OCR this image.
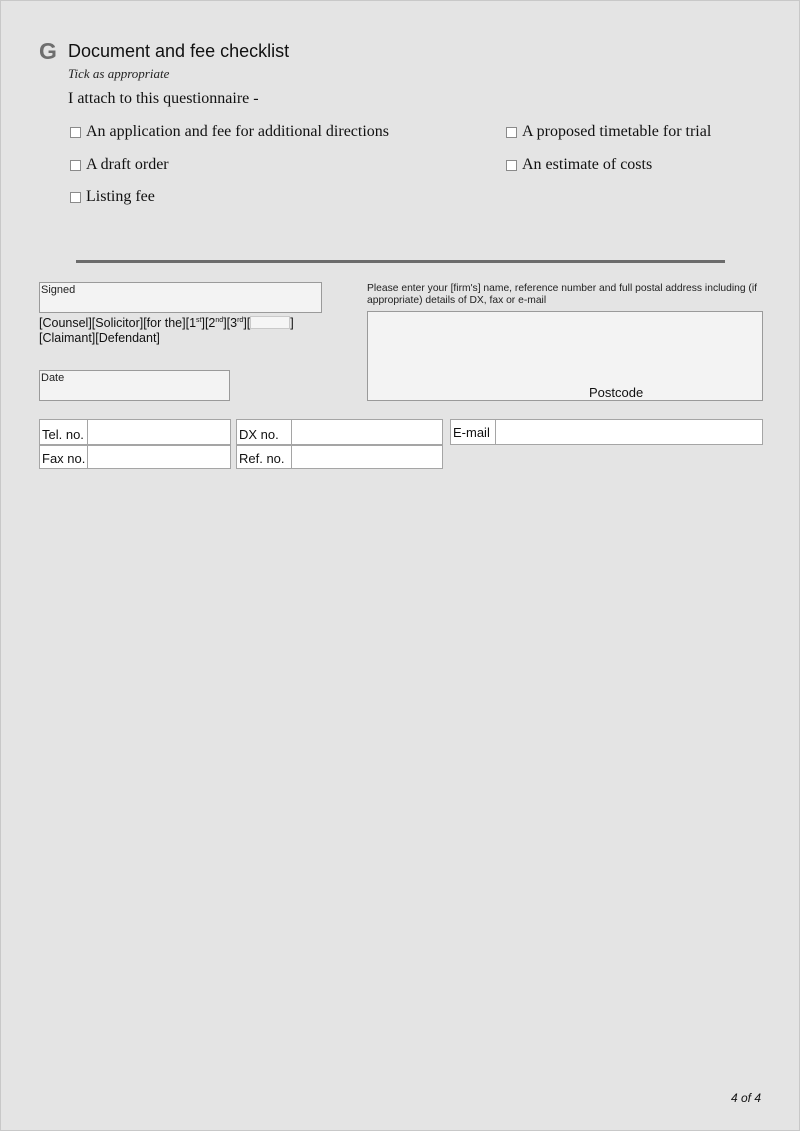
G Document and fee checklist
Tick as appropriate
I attach to this questionnaire -
An application and fee for additional directions	A proposed timetable for trial
A draft order	An estimate of costs
Listing fee
Signed
[Counsel][Solicitor][for the][1st][2nd][3rd][	]
[Claimant][Defendant]
Date
Please enter your [firm's] name, reference number and full postal address including (if appropriate) details of DX, fax or e-mail
Postcode
Tel. no.
Fax no.
DX no.
Ref. no.
E-mail
4 of 4
